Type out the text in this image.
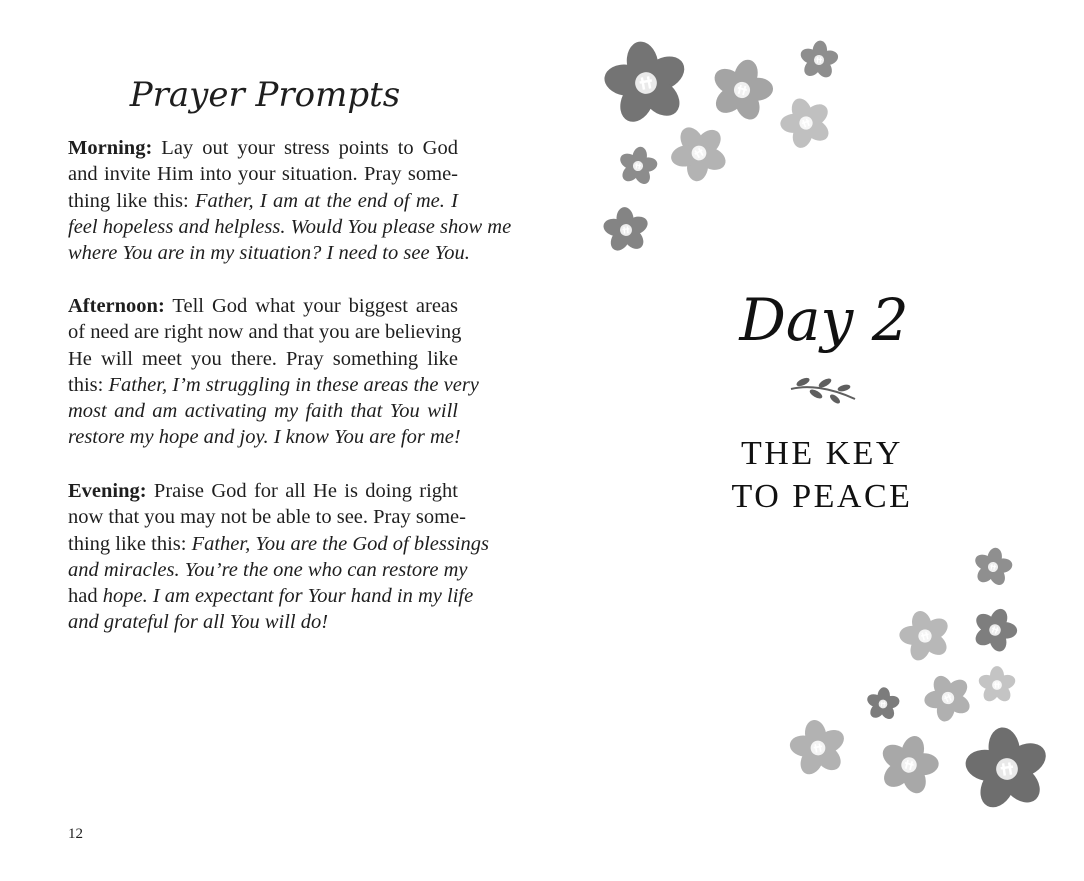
Prayer Prompts
Morning: Lay out your stress points to God
and invite Him into your situation. Pray some-
thing like this: Father, I am at the end of me. I
feel hopeless and helpless. Would You please show me
where You are in my situation? I need to see You.
Afternoon: Tell God what your biggest areas
of need are right now and that you are believing
He will meet you there. Pray something like
this: Father, I’m struggling in these areas the very
most and am activating my faith that You will
restore my hope and joy. I know You are for me!
Evening: Praise God for all He is doing right
now that you may not be able to see. Pray some-
thing like this: Father, You are the God of blessings
and miracles. You’re the one who can restore my
had hope. I am expectant for Your hand in my life
and grateful for all You will do!
12
Day 2
THE KEY
TO PEACE
